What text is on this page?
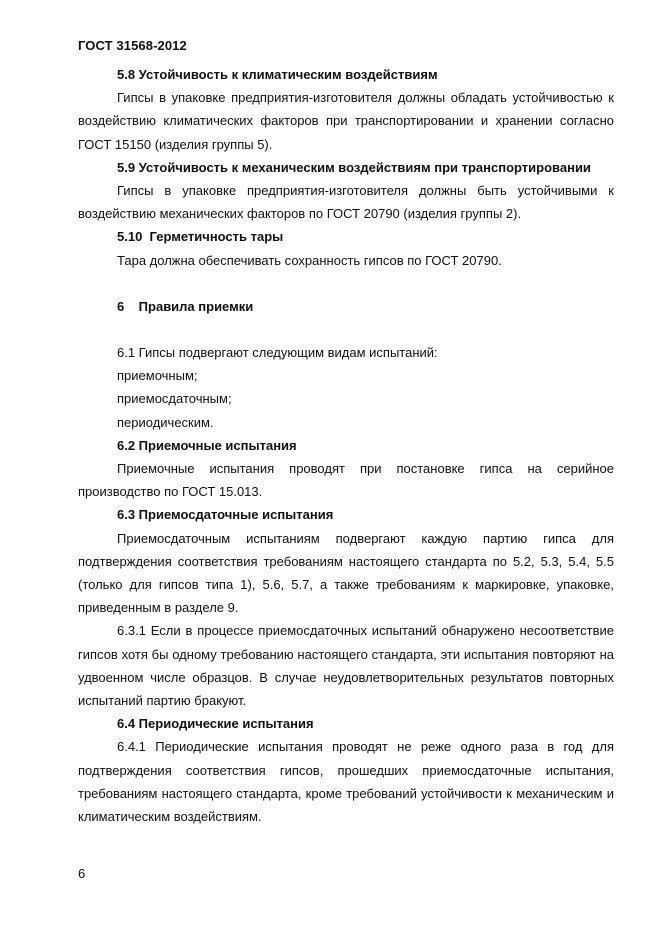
ГОСТ 31568-2012

5.8 Устойчивость к климатическим воздействиям

Гипсы в упаковке предприятия-изготовителя должны обладать устойчивостью к воздействию климатических факторов при транспортировании и хранении согласно ГОСТ 15150 (изделия группы 5).

5.9 Устойчивость к механическим воздействиям при транспортировании

Гипсы в упаковке предприятия-изготовителя должны быть устойчивыми к воздействию механических факторов по ГОСТ 20790 (изделия группы 2).

5.10  Герметичность тары

Тара должна обеспечивать сохранность гипсов по ГОСТ 20790.

6    Правила приемки

6.1 Гипсы подвергают следующим видам испытаний:

приемочным;

приемосдаточным;

периодическим.

6.2 Приемочные испытания

Приемочные испытания проводят при постановке гипса на серийное производство по ГОСТ 15.013.

6.3 Приемосдаточные испытания

Приемосдаточным испытаниям подвергают каждую партию гипса для подтверждения соответствия требованиям настоящего стандарта по 5.2, 5.3, 5.4, 5.5 (только для гипсов типа 1), 5.6, 5.7, а также требованиям к маркировке, упаковке, приведенным в разделе 9.

6.3.1 Если в процессе приемосдаточных испытаний обнаружено несоответствие гипсов хотя бы одному требованию настоящего стандарта, эти испытания повторяют на удвоенном числе образцов. В случае неудовлетворительных результатов повторных испытаний партию бракуют.

6.4 Периодические испытания

6.4.1 Периодические испытания проводят не реже одного раза в год для подтверждения соответствия гипсов, прошедших приемосдаточные испытания, требованиям настоящего стандарта, кроме требований устойчивости к механическим и климатическим воздействиям.

6
